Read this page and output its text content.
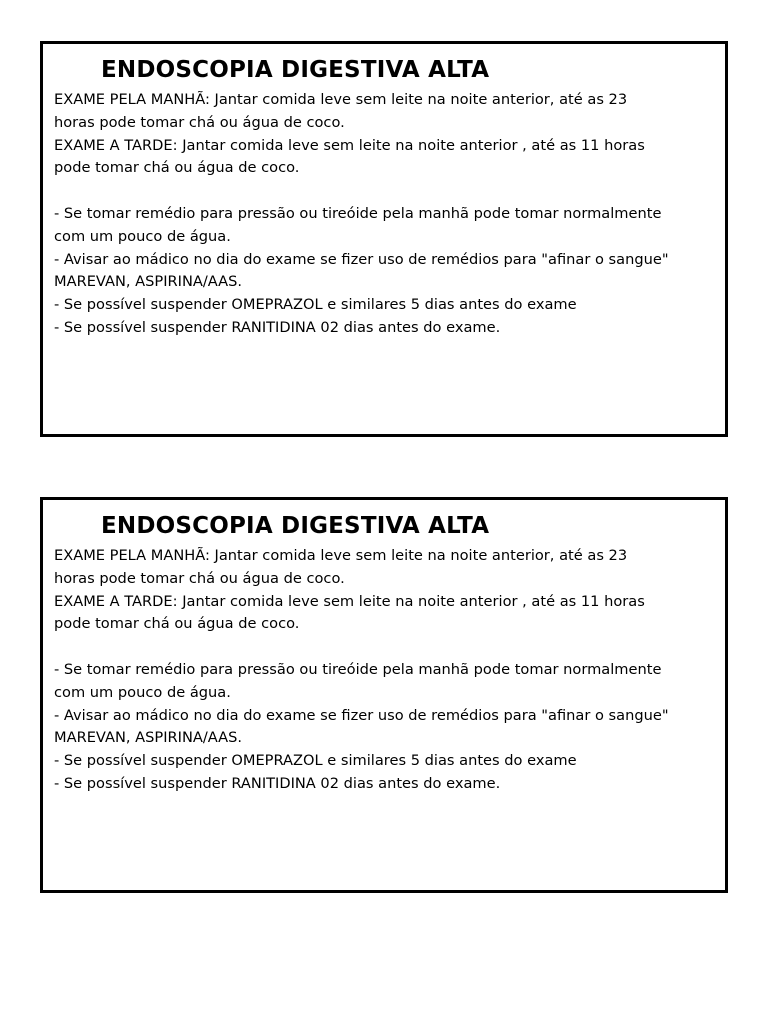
ENDOSCOPIA DIGESTIVA ALTA
EXAME PELA MANHÃ: Jantar comida leve sem leite na noite anterior, até as 23
horas pode tomar chá ou água de coco.
EXAME A TARDE: Jantar comida leve sem leite na noite anterior , até as 11 horas
pode tomar chá ou água de coco.
- Se tomar remédio para pressão ou tireóide pela manhã pode tomar normalmente
com um pouco de água.
- Avisar ao mádico no dia do exame se fizer uso de remédios para "afinar o sangue"
MAREVAN, ASPIRINA/AAS.
- Se possível suspender OMEPRAZOL e similares 5 dias antes do exame
- Se possível suspender RANITIDINA 02 dias antes do exame.
ENDOSCOPIA DIGESTIVA ALTA
EXAME PELA MANHÃ: Jantar comida leve sem leite na noite anterior, até as 23
horas pode tomar chá ou água de coco.
EXAME A TARDE: Jantar comida leve sem leite na noite anterior , até as 11 horas
pode tomar chá ou água de coco.
- Se tomar remédio para pressão ou tireóide pela manhã pode tomar normalmente
com um pouco de água.
- Avisar ao mádico no dia do exame se fizer uso de remédios para "afinar o sangue"
MAREVAN, ASPIRINA/AAS.
- Se possível suspender OMEPRAZOL e similares 5 dias antes do exame
- Se possível suspender RANITIDINA 02 dias antes do exame.
